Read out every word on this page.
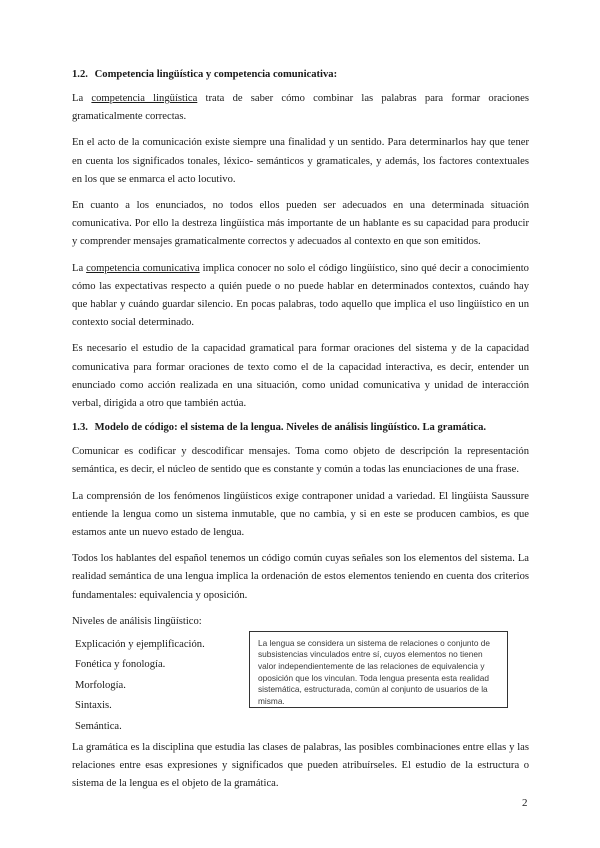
1.2. Competencia lingüística y competencia comunicativa:

La competencia lingüística trata de saber cómo combinar las palabras para formar oraciones gramaticalmente correctas.

En el acto de la comunicación existe siempre una finalidad y un sentido. Para determinarlos hay que tener en cuenta los significados tonales, léxico- semánticos y gramaticales, y además, los factores contextuales en los que se enmarca el acto locutivo.

En cuanto a los enunciados, no todos ellos pueden ser adecuados en una determinada situación comunicativa. Por ello la destreza lingüística más importante de un hablante es su capacidad para producir y comprender mensajes gramaticalmente correctos y adecuados al contexto en que son emitidos.

La competencia comunicativa implica conocer no solo el código lingüístico, sino qué decir a conocimiento cómo las expectativas respecto a quién puede o no puede hablar en determinados contextos, cuándo hay que hablar y cuándo guardar silencio. En pocas palabras, todo aquello que implica el uso lingüístico en un contexto social determinado.

Es necesario el estudio de la capacidad gramatical para formar oraciones del sistema y de la capacidad comunicativa para formar oraciones de texto como el de la capacidad interactiva, es decir, entender un enunciado como acción realizada en una situación, como unidad comunicativa y unidad de interacción verbal, dirigida a otro que también actúa.

1.3. Modelo de código: el sistema de la lengua. Niveles de análisis lingüístico. La gramática.

Comunicar es codificar y descodificar mensajes. Toma como objeto de descripción la representación semántica, es decir, el núcleo de sentido que es constante y común a todas las enunciaciones de una frase.

La comprensión de los fenómenos lingüísticos exige contraponer unidad a variedad. El lingüista Saussure entiende la lengua como un sistema inmutable, que no cambia, y si en este se producen cambios, es que estamos ante un nuevo estado de lengua.

Todos los hablantes del español tenemos un código común cuyas señales son los elementos del sistema. La realidad semántica de una lengua implica la ordenación de estos elementos teniendo en cuenta dos criterios fundamentales: equivalencia y oposición.

Niveles de análisis lingüístico:
Explicación y ejemplificación.
Fonética y fonología.
Morfología.
Sintaxis.
Semántica.
La lengua se considera un sistema de relaciones o conjunto de subsistencias vinculados entre sí, cuyos elementos no tienen valor independientemente de las relaciones de equivalencia y oposición que los vinculan. Toda lengua presenta esta realidad sistemática, estructurada, común al conjunto de usuarios de la misma.

La gramática es la disciplina que estudia las clases de palabras, las posibles combinaciones entre ellas y las relaciones entre esas expresiones y significados que pueden atribuírseles. El estudio de la estructura o sistema de la lengua es el objeto de la gramática.

2
